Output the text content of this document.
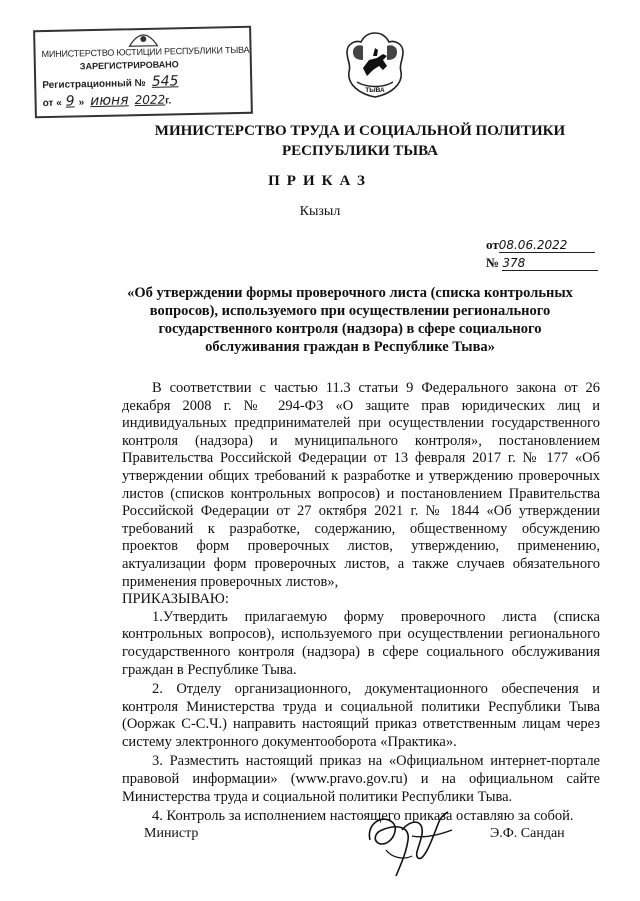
МИНИСТЕРСТВО ЮСТИЦИИ РЕСПУБЛИКИ ТЫВА
ЗАРЕГИСТРИРОВАНО
Регистрационный № 545
от « 9 » июня 2022г.
ТЫВА
МИНИСТЕРСТВО ТРУДА И СОЦИАЛЬНОЙ ПОЛИТИКИ
РЕСПУБЛИКИ ТЫВА
ПРИКАЗ
Кызыл
от08.06.2022
№ 378
«Об утверждении формы проверочного листа (списка контрольных вопросов), используемого при осуществлении регионального государственного контроля (надзора) в сфере социального обслуживания граждан в Республике Тыва»

В соответствии с частью 11.3 статьи 9 Федерального закона от 26 декабря 2008 г. № 294-ФЗ «О защите прав юридических лиц и индивидуальных предпринимателей при осуществлении государственного контроля (надзора) и муниципального контроля», постановлением Правительства Российской Федерации от 13 февраля 2017 г. № 177 «Об утверждении общих требований к разработке и утверждению проверочных листов (списков контрольных вопросов) и постановлением Правительства Российской Федерации от 27 октября 2021 г. № 1844 «Об утверждении требований к разработке, содержанию, общественному обсуждению проектов форм проверочных листов, утверждению, применению, актуализации форм проверочных листов, а также случаев обязательного применения проверочных листов»,

ПРИКАЗЫВАЮ:

1.Утвердить прилагаемую форму проверочного листа (списка контрольных вопросов), используемого при осуществлении регионального государственного контроля (надзора) в сфере социального обслуживания граждан в Республике Тыва.

2. Отделу организационного, документационного обеспечения и контроля Министерства труда и социальной политики Республики Тыва (Ооржак С-С.Ч.) направить настоящий приказ ответственным лицам через систему электронного документооборота «Практика».

3. Разместить настоящий приказ на «Официальном интернет-портале правовой информации» (www.pravo.gov.ru) и на официальном сайте Министерства труда и социальной политики Республики Тыва.

4. Контроль за исполнением настоящего приказа оставляю за собой.

Министр	Э.Ф. Сандан
